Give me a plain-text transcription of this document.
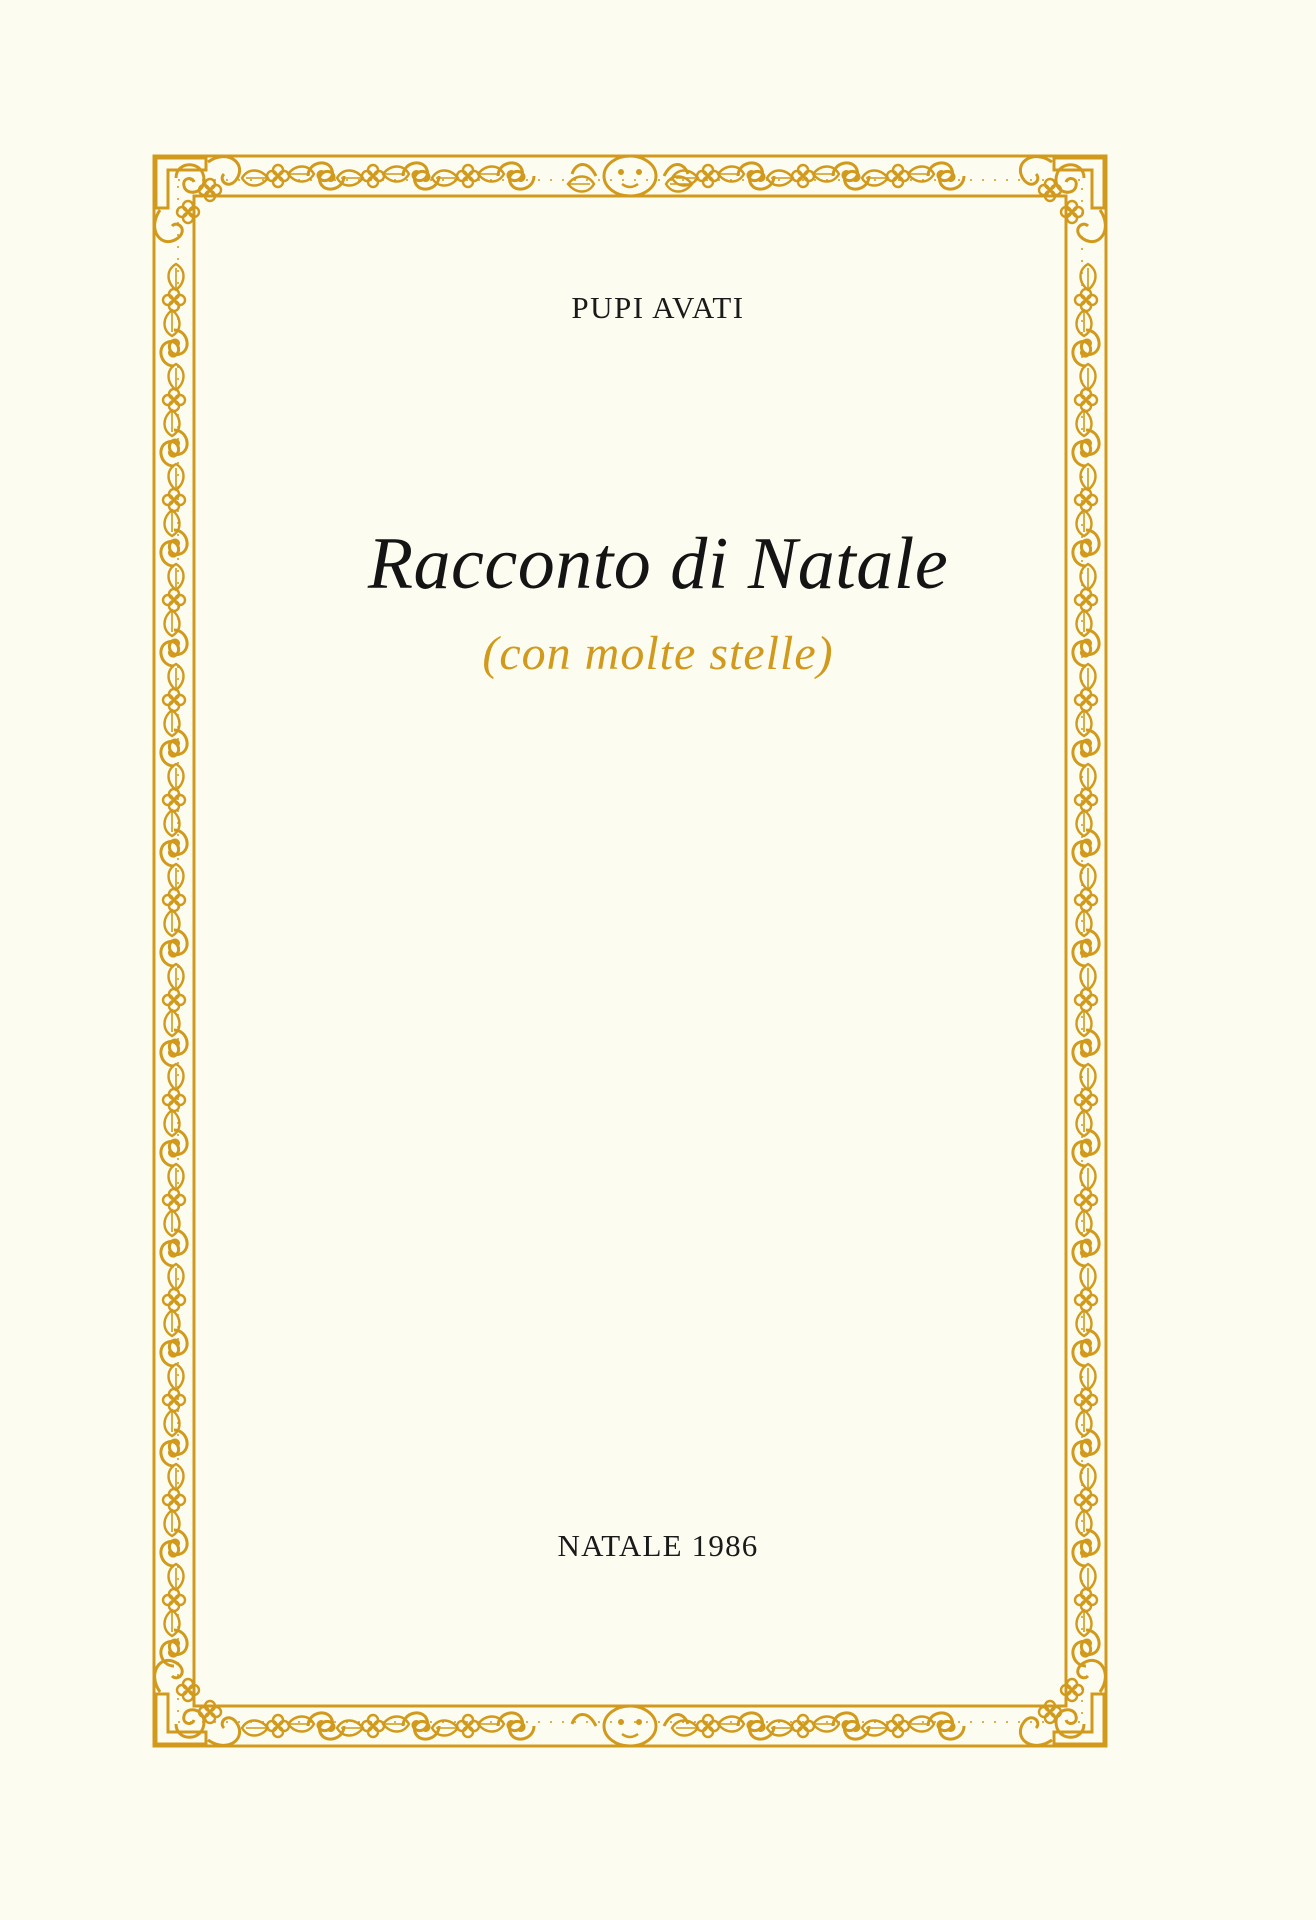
PUPI AVATI
Racconto di Natale
(con molte stelle)
NATALE 1986
